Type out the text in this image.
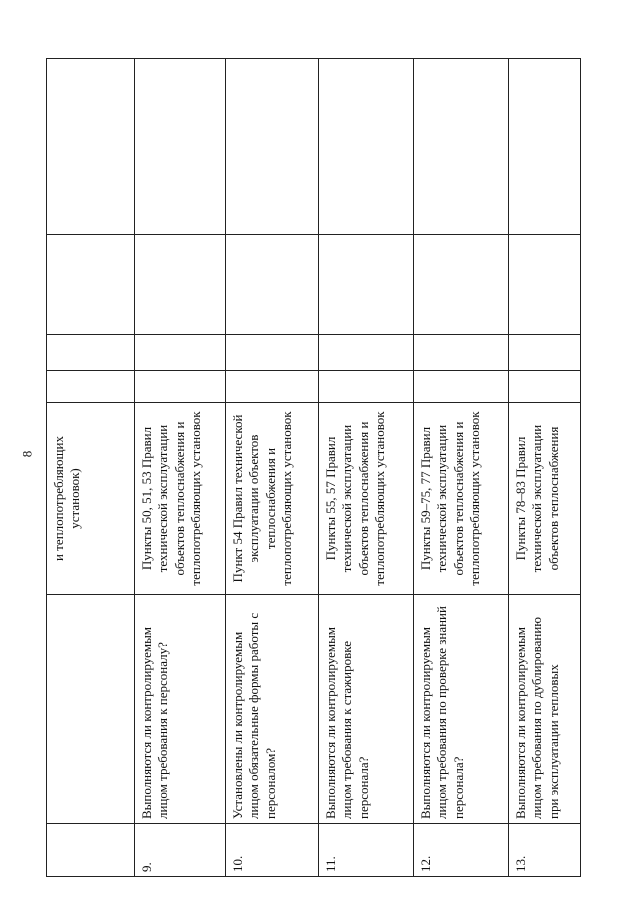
8
		и теплопотребляющих установок)				
9.	Выполняются ли контролируемым лицом требования к персоналу?	Пункты 50, 51, 53 Правил технической эксплуатации объектов теплоснабжения и теплопотребляющих установок				
10.	Установлены ли контролируемым лицом обязательные формы работы с персоналом?	Пункт 54 Правил технической эксплуатации объектов теплоснабжения и теплопотребляющих установок				
11.	Выполняются ли контролируемым лицом требования к стажировке персонала?	Пункты 55, 57 Правил технической эксплуатации объектов теплоснабжения и теплопотребляющих установок				
12.	Выполняются ли контролируемым лицом требования по проверке знаний персонала?	Пункты 59–75, 77 Правил технической эксплуатации объектов теплоснабжения и теплопотребляющих установок				
13.	Выполняются ли контролируемым лицом требования по дублированию при эксплуатации тепловых	Пункты 78–83 Правил технической эксплуатации объектов теплоснабжения				
